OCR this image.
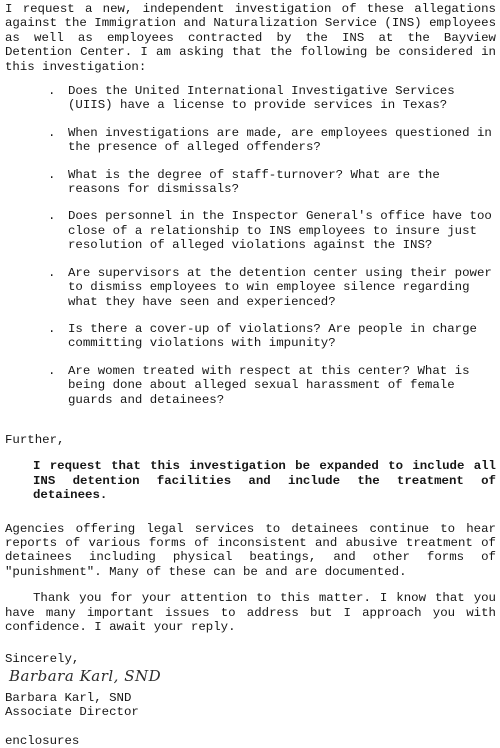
I request a new, independent investigation of these allegations against the Immigration and Naturalization Service (INS) employees as well as employees contracted by the INS at the Bayview Detention Center. I am asking that the following be considered in this investigation:

. Does the United International Investigative Services (UIIS) have a license to provide services in Texas?
. When investigations are made, are employees questioned in the presence of alleged offenders?
. What is the degree of staff-turnover? What are the reasons for dismissals?
. Does personnel in the Inspector General's office have too close of a relationship to INS employees to insure just resolution of alleged violations against the INS?
. Are supervisors at the detention center using their power to dismiss employees to win employee silence regarding what they have seen and experienced?
. Is there a cover-up of violations? Are people in charge committing violations with impunity?
. Are women treated with respect at this center? What is being done about alleged sexual harassment of female guards and detainees?

Further,

I request that this investigation be expanded to include all INS detention facilities and include the treatment of detainees.

Agencies offering legal services to detainees continue to hear reports of various forms of inconsistent and abusive treatment of detainees including physical beatings, and other forms of "punishment". Many of these can be and are documented.

Thank you for your attention to this matter. I know that you have many important issues to address but I approach you with confidence. I await your reply.

Sincerely,

Barbara Karl, SND

Barbara Karl, SND

Associate Director

enclosures
